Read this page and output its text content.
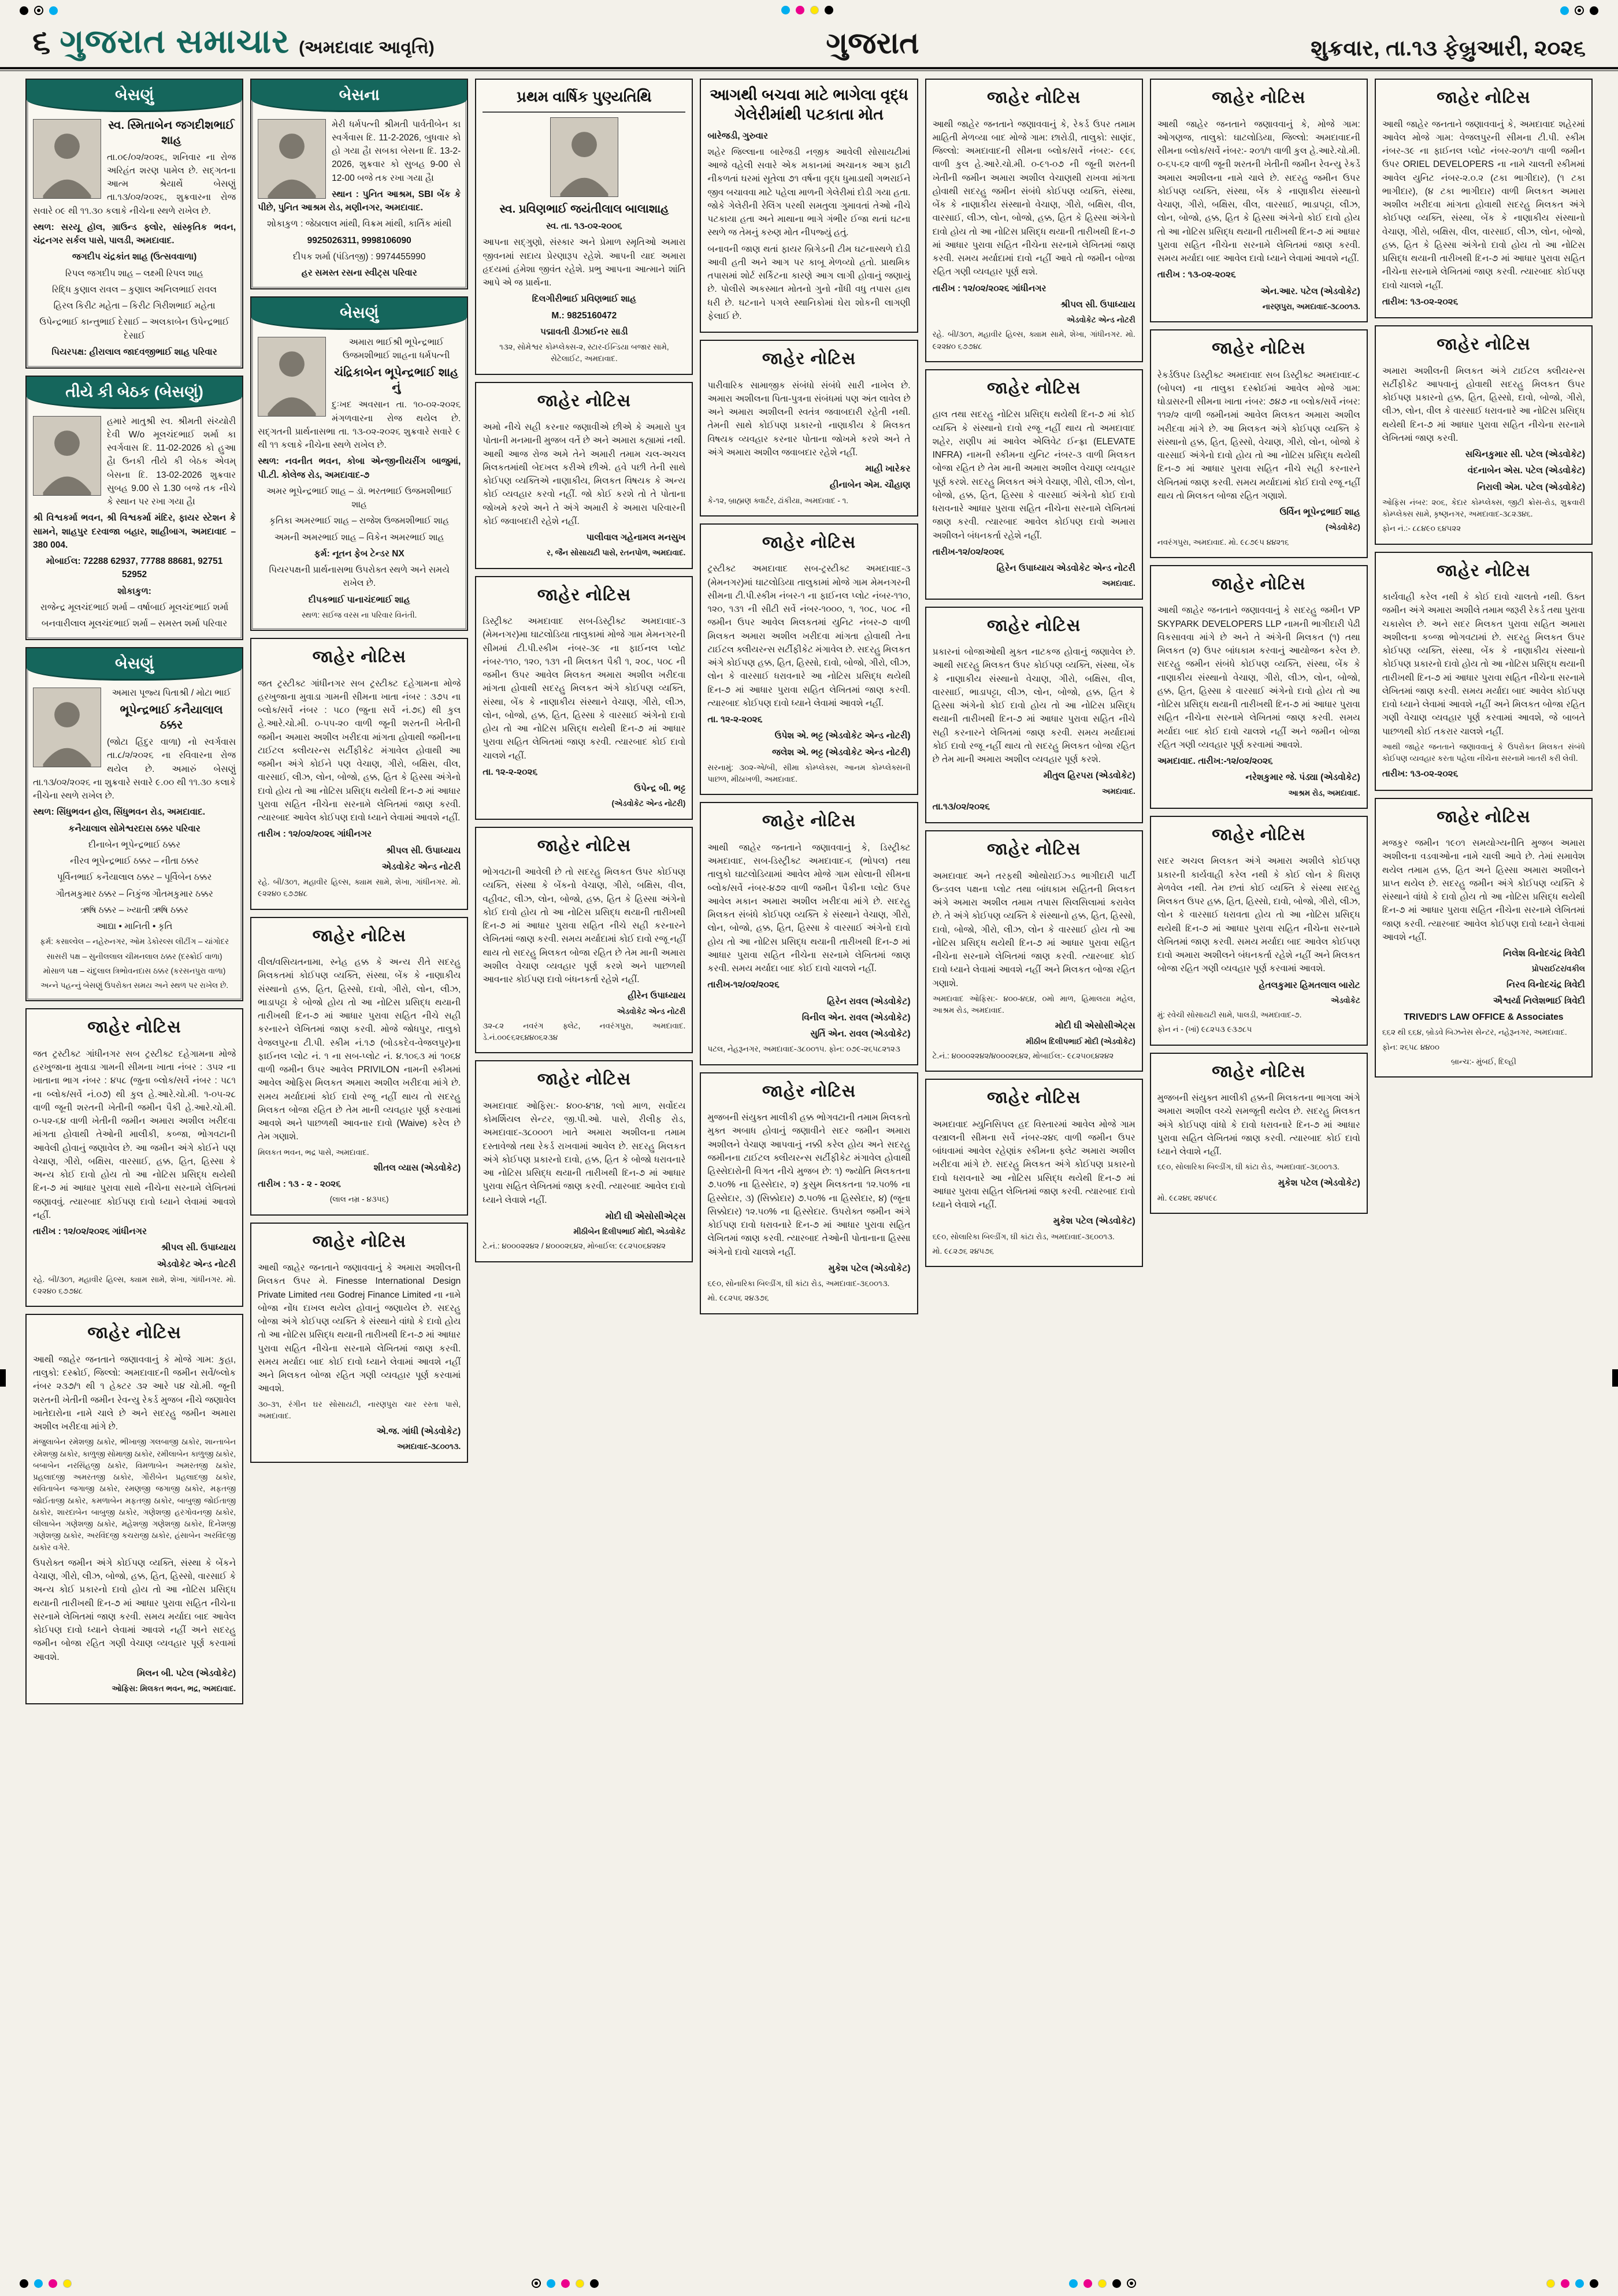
૬ ગુજરાત સમાચાર (અમદાવાદ આવૃત્તિ)	ગુજરાત	શુક્રવાર, તા.૧૩ ફેબ્રુઆરી, ૨૦૨૬
બેસણું

સ્વ. સ્મિતાબેન જગદીશભાઈ શાહ

તા.૦૯/૦૨/૨૦૨૬, શનિવાર ના રોજ અરિહંત શરણ પામેલ છે. સદ્‌ગતના આત્મ શ્રેયાર્થે બેસણું તા.૧૩/૦૨/૨૦૨૬, શુક્રવારના રોજ સવારે ૦૯ થી ૧૧.૩૦ કલાકે નીચેના સ્થળે રાખેલ છે.

સ્થળ: સરયૂ હૉલ, ગ્રાઉન્ડ ફ્લોર, સાંસ્કૃતિક ભવન, ચંદ્રનગર સર્કલ પાસે, પાલડી, અમદાવાદ.

જગદીપ ચંદ્રકાંત શાહ (ઉત્સવવાળા)

રિપલ જગદીપ શાહ – લક્ષ્મી રિપલ શાહ

રિદ્ધિ કુણાલ રાવલ – કુણાલ અનિલભાઈ રાવલ

હિરલ કિરીટ મહેતા – કિરીટ ગિરીશભાઈ મહેતા

ઉપેન્દ્રભાઈ કાન્તુભાઈ દેસાઈ – અલકાબેન ઉપેન્દ્રભાઈ દેસાઈ

પિયરપક્ષ: હીરાલાલ જાદવજીભાઈ શાહ પરિવાર

તીયે કી બેઠક (બેસણું)

હમારે માતુશ્રી સ્વ. શ્રીમતી સંચ્યોરી દેવી W/o મૂલચંદભાઈ શર્મા કા સ્વર્ગવાસ દિ. 11-02-2026 કો હુઆ હૈ। ઉનકી તીયે કી બેઠક એવમ્ બેસના દિ. 13-02-2026 શુક્રવાર સુબહ 9.00 સે 1.30 બજે તક નીચે કે સ્થાન પર રખા ગયા હૈ।

શ્રી વિશ્વકર્મા ભવન, શ્રી વિશ્વકર્મા મંદિર, ફાયર સ્ટેશન કે સામને, શાહપુર દરવાજા બહાર, શાહીબાગ, અમદાવાદ – 380 004.

મોબાઈલ: 72288 62937, 77788 88681, 92751 52952

શોકાકુળ:

રાજેન્દ્ર મૂલચંદભાઈ શર્મા – વર્ષાબાઈ મૂલચંદભાઈ શર્મા

બનવારીલાલ મૂલચંદભાઈ શર્મા – સમસ્ત શર્મા પરિવાર

બેસણું

અમારા પૂજ્ય પિતાશ્રી / મોટા ભાઈ

ભૂપેન્દ્રભાઈ કનૈયાલાલ ઠક્કર

(જોટા હિંદુર વાળા) નો સ્વર્ગવાસ તા.૮/૨/૨૦૨૬ ના રવિવારના રોજ થયેલ છે. અમારું બેસણું તા.૧૩/૦૨/૨૦૨૬ ના શુક્રવારે સવારે ૯.૦૦ થી ૧૧.૩૦ કલાકે નીચેના સ્થળે રાખેલ છે.

સ્થળ: સિંધુભવન હોલ, સિંધુભવન રોડ, અમદાવાદ.

કનૈયાલાલ સોમેશ્વરદાસ ઠક્કર પરિવાર

દીનાબેન ભૂપેન્દ્રભાઈ ઠક્કર

નીરવ ભૂપેન્દ્રભાઈ ઠક્કર – નીતા ઠક્કર

પૂર્વિનભાઈ કનૈયાલાલ ઠક્કર – પૂર્વિબેન ઠક્કર

ગૌતમકુમાર ઠક્કર – નિકુંજ ગૌતમકુમાર ઠક્કર

ઋષિ ઠક્કર – ખ્યાતી ઋષિ ઠક્કર

આદ્યા • માનિતી • કૃતિ

ફર્મ: કસાલ્વેલ – નહેરુનગર, ઓમ ડેકોરલ્સ લીટીંગ – ચાંગોદર

સાસરી પક્ષ – સુનીલલાલ ચીમનલાલ ઠક્કર (દસ્ક્રોઈ વાળા)

મોસાળ પક્ષ – ચંદુલાલ ત્રિભોવનદાસ ઠક્કર (કરસનપુરા વાળા)

અન્ને પહન્નું બેસણું ઉપરોક્ત સમય અને સ્થળ પર રાખેલ છે.

જાહેર નોટિસ

જત ટ્રસ્ટીક્ટ ગાંધીનગર સબ ટ્રસ્ટીક્ટ દહેગામના મોજે હરખુજાના મુવાડા ગામની સીમના ખાતા નંબર : ૩૫૨ ના ખાતાના ભાગ નંબર : ૪૫૮ (જુના બ્લોક/સર્વે નંબર : ૫૮૧ ના બ્લોક/સર્વે નં.૦૭) થી કુલ હે.આરે.ચો.મી. ૧-૦૫-૨૮ વાળી જૂની શરતની ખેતીની જમીન પૈકી હે.આરે.ચો.મી. ૦-૫૨-૬૪ વાળી ખેતીની જમીન અમારા અશીલ ખરીદવા માંગતા હોવાથી તેઓની માલીકી, કબ્જા, ભોગવટાની આવેલી હોવાનું જણાવેલ છે. આ જમીન અંગે કોઈને પણ વેચાણ, ગીરો, બક્ષિસ, વારસાઈ, હક્ક, હિત, હિસ્સા કે અન્ય કોઈ દાવો હોય તો આ નોટિસ પ્રસિદ્ધ થયેથી દિન-૭ માં આધાર પુરાવા સાથે નીચેના સરનામે લેખિતમાં જણાવવું. ત્યારબાદ કોઈપણ દાવો ધ્યાને લેવામાં આવશે નહીં.

તારીખ : ૧૨/૦૨/૨૦૨૬ ગાંધીનગર

શ્રીપલ સી. ઉપાધ્યાય

એડવોકેટ એન્ડ નોટરી

રહે. બી/૩૦૧, મહાવીર હિલ્સ, ક્યામ સામે, શેખા, ગાંધીનગર. મો. ૯૨૨૪૦ ૬૭૭૪૮

જાહેર નોટિસ

આથી જાહેર જનતાને જણાવવાનું કે મોજે ગામ: કુહા, તાલુકો: દસ્ક્રોઈ, જિલ્લો: અમદાવાદની જમીન સર્વે/બ્લોક નંબર ૨૩૭/૧ થી ૧ હેક્ટર ૩૨ આરે ૫૪ ચો.મી. જૂની શરતની ખેતીની જમીન રેવન્યુ રેકર્ડ મુજબ નીચે જણાવેલ ખાતેદારોના નામે ચાલે છે અને સદરહુ જમીન અમારા અશીલ ખરીદવા માંગે છે.

મંજુલાબેન રમેશજી ઠાકોર, ભીખાજી ગલબાજી ઠાકોર, શાન્તાબેન રમેશજી ઠાકોર, કાળુજી સોમાજી ઠાકોર, રમીલાબેન કાળુજી ઠાકોર, બબાબેન નરસિંહજી ઠાકોર, વિમળાબેન અમરતજી ઠાકોર, પ્રહલાદજી અમરતજી ઠાકોર, ગૌરીબેન પ્રહલાદજી ઠાકોર, સવિતાબેન જગાજી ઠાકોર, રમણજી જગાજી ઠાકોર, મફતજી જોઈતાજી ઠાકોર, કમળાબેન મફતજી ઠાકોર, બાબુજી જોઈતાજી ઠાકોર, શારદાબેન બાબુજી ઠાકોર, ગણેશજી હરગોવનજી ઠાકોર, લીલાબેન ગણેશજી ઠાકોર, મહેશજી ગણેશજી ઠાકોર, દિનેશજી ગણેશજી ઠાકોર, અરવિંદજી કચરાજી ઠાકોર, હંસાબેન અરવિંદજી ઠાકોર વગેરે.

ઉપરોક્ત જમીન અંગે કોઈપણ વ્યક્તિ, સંસ્થા કે બેંકને વેચાણ, ગીરો, લીઝ, બોજો, હક્ક, હિત, હિસ્સો, વારસાઈ કે અન્ય કોઈ પ્રકારનો દાવો હોય તો આ નોટિસ પ્રસિદ્ધ થયાની તારીખથી દિન-૭ માં આધાર પુરાવા સહિત નીચેના સરનામે લેખિતમાં જાણ કરવી. સમય મર્યાદા બાદ આવેલ કોઈપણ દાવો ધ્યાને લેવામાં આવશે નહીં અને સદરહુ જમીન બોજા રહિત ગણી વેચાણ વ્યવહાર પૂર્ણ કરવામાં આવશે.

મિલન બી. પટેલ (એડવોકેટ)

ઓફિસ: મિલકત ભવન, ભદ્ર, અમદાવાદ.

બેસના

મેરી ધર્મપત્ની શ્રીમતી પાર્વતીબેન કા સ્વર્ગવાસ દિ. 11-2-2026, બુધવાર કો હો ગયા હૈ। સબકા બેસના દિ. 13-2-2026, શુક્રવાર કો સુબહ 9-00 સે 12-00 બજે તક રખા ગયા હૈ।

સ્થાન : પુનિત આશ્રમ, SBI બેંક કે પીછે, પુનિત આશ્રમ રોડ, મણીનગર, અમદાવાદ.

શોકાકુળ : જેઠાલાલ માંથી, વિક્રમ માંથી, કાર્તિક માંથી

9925026311, 9998106090

દીપક શર્મા (પંડિતજી) : 9974455990

હર સમસ્ત રસના સ્વીટ્સ પરિવાર

બેસણું

અમારા ભાઈશ્રી ભૂપેન્દ્રભાઈ ઉજમશીભાઈ શાહના ધર્મપત્ની

ચંદ્રિકાબેન ભૂપેન્દ્રભાઈ શાહ નું

દુઃખદ અવસાન તા. ૧૦-૦૨-૨૦૨૬ મંગળવારના રોજ થયેલ છે. સદ્‌ગતની પ્રાર્થનાસભા તા. ૧૩-૦૨-૨૦૨૬ શુક્રવારે સવારે ૯ થી ૧૧ કલાકે નીચેના સ્થળે રાખેલ છે.

સ્થળ: નવનીત ભવન, કોબા એન્જીનીયરીંગ બાજુમાં, પી.ટી. કોલેજ રોડ, અમદાવાદ-૭

અમર ભૂપેન્દ્રભાઈ શાહ – ડૉ. ભરતભાઈ ઉજમશીભાઈ શાહ

કૃતિકા અમરભાઈ શાહ – રાજેશ ઉજમશીભાઈ શાહ

અમની અમરભાઈ શાહ – વિકેન અમરભાઈ શાહ

ફર્મ: નૂતન ફેબ ટેન્ડર NX

પિયરપક્ષની પ્રાર્થનાસભા ઉપરોક્ત સ્થળે અને સમયે રાખેલ છે.

દીપકભાઈ પાનાચંદભાઈ શાહ

સ્થળ: સઈજ વરસ ના પરિવાર વિનંતી.

જાહેર નોટિસ

જત ટ્રસ્ટીક્ટ ગાંધીનગર સબ ટ્રસ્ટીક્ટ દહેગામના મોજે હરખુજાના મુવાડા ગામની સીમના ખાતા નંબર : ૩૭૫ ના બ્લોક/સર્વે નંબર : ૫૮૦ (જુના સર્વે નં.૭૬) થી કુલ હે.આરે.ચો.મી. ૦-૫૫-૨૦ વાળી જૂની શરતની ખેતીની જમીન અમારા અશીલ ખરીદવા માંગતા હોવાથી જમીનના ટાઈટલ ક્લીયરન્સ સર્ટીફીકેટ મંગાવેલ હોવાથી આ જમીન અંગે કોઈને પણ વેચાણ, ગીરો, બક્ષિસ, વીલ, વારસાઈ, લીઝ, લોન, બોજો, હક્ક, હિત કે હિસ્સા અંગેનો દાવો હોય તો આ નોટિસ પ્રસિદ્ધ થયેથી દિન-૭ માં આધાર પુરાવા સહિત નીચેના સરનામે લેખિતમાં જાણ કરવી. ત્યારબાદ આવેલ કોઈપણ દાવો ધ્યાને લેવામાં આવશે નહીં.

તારીખ : ૧૨/૦૨/૨૦૨૬ ગાંધીનગર

શ્રીપલ સી. ઉપાધ્યાય

એડવોકેટ એન્ડ નોટરી

રહે. બી/૩૦૧, મહાવીર હિલ્સ, ક્યામ સામે, શેખા, ગાંધીનગર. મો. ૯૨૨૪૦ ૬૭૭૪૮

જાહેર નોટિસ

વીલ/વસિયતનામા, સ્નેહ હક્ક કે અન્ય રીતે સદરહુ મિલકતમાં કોઈપણ વ્યક્તિ, સંસ્થા, બેંક કે નાણાકીય સંસ્થાનો હક્ક, હિત, હિસ્સો, દાવો, ગીરો, લોન, લીઝ, ભાડાપટ્ટા કે બોજો હોય તો આ નોટિસ પ્રસિદ્ધ થયાની તારીખથી દિન-૭ માં આધાર પુરાવા સહિત નીચે સહી કરનારને લેખિતમાં જાણ કરવી. મોજે જોધપુર, તાલુકો વેજલપુરના ટી.પી. સ્કીમ નં.૧૭ (બોડકદેવ-વેજલપુર)ના ફાઈનલ પ્લોટ નં. ૧ ના સબ-પ્લોટ નં. ૪.૧૦૬૩ માં ૧૦૬૪ વાળી જમીન ઉપર આવેલ PRIVILON નામની સ્કીમમાં આવેલ ઓફિસ મિલકત અમારા અશીલ ખરીદવા માંગે છે. સમય મર્યાદામાં કોઈ દાવો રજૂ નહીં થાય તો સદરહુ મિલકત બોજા રહિત છે તેમ માની વ્યવહાર પૂર્ણ કરવામાં આવશે અને પાછળથી આવનાર દાવો (Waive) કરેલ છે તેમ ગણાશે.

મિલકત ભવન, ભદ્ર પાસે, અમદાવાદ.

શીતલ વ્યાસ (એડવોકેટ)

તારીખ : ૧૩ - ૨ - ૨૦૨૬

(લાલ નમ્ર - ૪૩૫૬)

જાહેર નોટિસ

આથી જાહેર જનતાને જણાવવાનું કે અમારા અશીલની મિલકત ઉપર મે. Finesse International Design Private Limited તથા Godrej Finance Limited ના નામે બોજા નોંધ દાખલ થયેલ હોવાનું જણાયેલ છે. સદરહુ બોજા અંગે કોઈપણ વ્યક્તિ કે સંસ્થાને વાંધો કે દાવો હોય તો આ નોટિસ પ્રસિદ્ધ થયાની તારીખથી દિન-૭ માં આધાર પુરાવા સહિત નીચેના સરનામે લેખિતમાં જાણ કરવી. સમય મર્યાદા બાદ કોઈ દાવો ધ્યાને લેવામાં આવશે નહીં અને મિલકત બોજા રહિત ગણી વ્યવહાર પૂર્ણ કરવામાં આવશે.

૩૦-૩૧, રંગીન ઘર સોસાયટી, નારણપુરા ચાર રસ્તા પાસે, અમદાવાદ.

એ.જ. ગાંધી (એડવોકેટ)

અમદાવાદ-૩૮૦૦૧૩.

પ્રથમ વાર્ષિક પુણ્યતિથિ

સ્વ. પ્રવિણભાઈ જયંતીલાલ બાલાશાહ

સ્વ. તા. ૧૩-૦૨-૨૦૦૬

આપના સદ્‌ગુણો, સંસ્કાર અને પ્રેમાળ સ્મૃતિઓ અમારા જીવનમાં સદાય પ્રેરણારૂપ રહેશે. આપની યાદ અમારા હૃદયમાં હંમેશા જીવંત રહેશે. પ્રભુ આપના આત્માને શાંતિ આપે એ જ પ્રાર્થના.

દિલગીરીભાઈ પ્રવિણભાઈ શાહ

M.: 9825160472

પદ્માવતી ડીઝાઈનર સાડી

૧૩૨, સોમેશ્વર કોમ્પ્લેક્સ-૨, સ્ટાર-ઈન્ડિયા બજાર સામે, સેટેલાઈટ, અમદાવાદ.

જાહેર નોટિસ

અમો નીચે સહી કરનાર જણાવીએ છીએ કે અમારો પુત્ર પોતાની મનમાની મુજબ વર્તે છે અને અમારા કહ્યામાં નથી. આથી આજ રોજ અમે તેને અમારી તમામ ચલ-અચલ મિલકતમાંથી બેદખલ કરીએ છીએ. હવે પછી તેની સાથે કોઈપણ વ્યક્તિએ નાણાકીય, મિલકત વિષયક કે અન્ય કોઈ વ્યવહાર કરવો નહીં. જો કોઈ કરશે તો તે પોતાના જોખમે કરશે અને તે અંગે અમારી કે અમારા પરિવારની કોઈ જવાબદારી રહેશે નહીં.

પાલીવાલ ગહેનામલ મનસુખ

ર, જૈન સોસાયટી પાસે, રતનપોળ, અમદાવાદ.

જાહેર નોટિસ

ડિસ્ટ્રીક્ટ અમદાવાદ સબ-ડિસ્ટ્રીક્ટ અમદાવાદ-૩ (મેમનગર)મા ઘાટલોડિયા તાલુકામાં મોજે ગામ મેમનગરની સીમમાં ટી.પી.સ્કીમ નંબર-૩૯ ના ફાઈનલ પ્લોટ નંબર-૧૧૦, ૧૨૦, ૧૩૧ ની મિલકત પૈકી ૧, ૨૦૮, ૫૦૮ ની જમીન ઉપર આવેલ મિલકત અમારા અશીલ ખરીદવા માંગતા હોવાથી સદરહુ મિલકત અંગે કોઈપણ વ્યક્તિ, સંસ્થા, બેંક કે નાણાકીય સંસ્થાને વેચાણ, ગીરો, લીઝ, લોન, બોજો, હક્ક, હિત, હિસ્સા કે વારસાઈ અંગેનો દાવો હોય તો આ નોટિસ પ્રસિદ્ધ થયેથી દિન-૭ માં આધાર પુરાવા સહિત લેખિતમાં જાણ કરવી. ત્યારબાદ કોઈ દાવો ચાલશે નહીં.

તા. ૧૨-૨-૨૦૨૬

ઉપેન્દ્ર બી. ભટ્ટ

(એડવોકેટ એન્ડ નોટરી)

જાહેર નોટિસ

ભોગવટાની આવેલી છે તો સદરહુ મિલકત ઉપર કોઈપણ વ્યક્તિ, સંસ્થા કે બેંકનો વેચાણ, ગીરો, બક્ષિસ, વીલ, વહીવટ, લીઝ, લોન, બોજો, હક્ક, હિત કે હિસ્સા અંગેનો કોઈ દાવો હોય તો આ નોટિસ પ્રસિદ્ધ થયાની તારીખથી દિન-૭ માં આધાર પુરાવા સહિત નીચે સહી કરનારને લેખિતમાં જાણ કરવી. સમય મર્યાદામાં કોઈ દાવો રજૂ નહીં થાય તો સદરહુ મિલકત બોજા રહિત છે તેમ માની અમારા અશીલ વેચાણ વ્યવહાર પૂર્ણ કરશે અને પાછળથી આવનાર કોઈપણ દાવો બંધનકર્તા રહેશે નહીં.

હીરેન ઉપાધ્યાય

એડવોકેટ એન્ડ નોટરી

૩૨-૮૨ નવરંગ ફ્લેટ, નવરંગપુરા, અમદાવાદ. ડે.નં.૦૦૯૬૨૬૪૪૦૬૨૩૪

જાહેર નોટિસ

અમદાવાદ ઓફિસ:- ૪૦૦-૪૧૪, ૧લો માળ, સર્વોદય કોમર્શિયલ સેન્ટર, જી.પી.ઓ. પાસે, રીલીફ રોડ, અમદાવાદ-૩૮૦૦૦૧ ખાતે અમારા અશીલના તમામ દસ્તાવેજો તથા રેકર્ડ રાખવામાં આવેલ છે. સદરહુ મિલકત અંગે કોઈપણ પ્રકારનો દાવો, હક્ક, હિત કે બોજો ધરાવનારે આ નોટિસ પ્રસિદ્ધ થયાની તારીખથી દિન-૭ માં આધાર પુરાવા સહિત લેખિતમાં જાણ કરવી. ત્યારબાદ આવેલ દાવો ધ્યાને લેવાશે નહીં.

મોદી ઘી એસોસીએટ્સ

મીઠીબેન દિલીપભાઈ મોદી, એડવોકેટ

ટે.નં.: ૪૦૦૦૨૨૪૨ / ૪૦૦૦૨૬૪૨, મોબાઈલ: ૯૮૨૫૦૬૪૨૪૨

આગથી બચવા માટે ભાગેલા વૃદ્ધ ગેલેરીમાંથી પટકાતા મોત

બારેજડી, ગુરુવાર

શહેર જિલ્લાના બારેજડી નજીક આવેલી સોસાયટીમાં આજે વહેલી સવારે એક મકાનમાં અચાનક આગ ફાટી નીકળતાં ઘરમાં સૂતેલા ૭૧ વર્ષના વૃદ્ધ ધુમાડાથી ગભરાઈને જીવ બચાવવા માટે પહેલા માળની ગેલેરીમાં દોડી ગયા હતા. જોકે ગેલેરીની રેલિંગ પરથી સમતુલા ગુમાવતાં તેઓ નીચે પટકાયા હતા અને માથાના ભાગે ગંભીર ઈજા થતાં ઘટના સ્થળે જ તેમનું કરુણ મોત નીપજ્યું હતું.

બનાવની જાણ થતાં ફાયર બ્રિગેડની ટીમ ઘટનાસ્થળે દોડી આવી હતી અને આગ પર કાબૂ મેળવ્યો હતો. પ્રાથમિક તપાસમાં શોર્ટ સર્કિટના કારણે આગ લાગી હોવાનું જણાયું છે. પોલીસે અકસ્માત મોતનો ગુનો નોંધી વધુ તપાસ હાથ ધરી છે. ઘટનાને પગલે સ્થાનિકોમાં ઘેરા શોકની લાગણી ફેલાઈ છે.

જાહેર નોટિસ

પારીવારિક સામાજીક સંબંધો સંબંધે સારી નાખેલ છે. અમારા અશીલના પિતા-પુત્રના સંબંધમાં પણ અંત લાવેલ છે અને અમારા અશીલની સ્વતંત્ર જવાબદારી રહેતી નથી. તેમની સાથે કોઈપણ પ્રકારનો નાણાકીય કે મિલકત વિષયક વ્યવહાર કરનાર પોતાના જોખમે કરશે અને તે અંગે અમારા અશીલ જવાબદાર રહેશે નહીં.

માહી ખારેકર

હીનાબેન એમ. ચૌહાણ

કે-૧૨, બ્રાહ્મણ ક્વાર્ટર, ઢાંકીયા, અમદાવાદ - ૧.

જાહેર નોટિસ

ટ્રસ્ટીક્ટ અમદાવાદ સબ-ટ્રસ્ટીક્ટ અમદાવાદ-૩ (મેમનગર)માં ઘાટલોડિયા તાલુકામાં મોજે ગામ મેમનગરની સીમના ટી.પી.સ્કીમ નંબર-૧ ના ફાઈનલ પ્લોટ નંબર-૧૧૦, ૧૨૦, ૧૩૧ ની સીટી સર્વે નંબર-૧૦૦૦, ૧, ૧૦૮, ૫૦૮ ની જમીન ઉપર આવેલ મિલકતમાં યુનિટ નંબર-૭ વાળી મિલકત અમારા અશીલ ખરીદવા માંગતા હોવાથી તેના ટાઈટલ ક્લીયરન્સ સર્ટીફીકેટ મંગાવેલ છે. સદરહુ મિલકત અંગે કોઈપણ હક્ક, હિત, હિસ્સો, દાવો, બોજો, ગીરો, લીઝ, લોન કે વારસાઈ ધરાવનારે આ નોટિસ પ્રસિદ્ધ થયેથી દિન-૭ માં આધાર પુરાવા સહિત લેખિતમાં જાણ કરવી. ત્યારબાદ કોઈપણ દાવો ધ્યાને લેવામાં આવશે નહીં.

તા. ૧૨-૨-૨૦૨૬

ઉપેશ એ. ભટ્ટ (એડવોકેટ એન્ડ નોટરી)

જલેશ એ. ભટ્ટ (એડવોકેટ એન્ડ નોટરી)

સરનામું: ૩૦૨-એ/બી, સીમા કોમ્પ્લેક્સ, આનમ કોમ્પ્લેક્સની પાછળ, મીઠાખળી, અમદાવાદ.

જાહેર નોટિસ

આથી જાહેર જનતાને જણાવવાનું કે, ડિસ્ટ્રીક્ટ અમદાવાદ, સબ-ડિસ્ટ્રીક્ટ અમદાવાદ-૬ (ભોપલ) તથા તાલુકો ઘાટલોડિયામાં આવેલ મોજે ગામ સોલાની સીમના બ્લોક/સર્વે નંબર-૪૭૨ વાળી જમીન પૈકીના પ્લોટ ઉપર આવેલ મકાન અમારા અશીલ ખરીદવા માંગે છે. સદરહુ મિલકત સંબંધે કોઈપણ વ્યક્તિ કે સંસ્થાને વેચાણ, ગીરો, લોન, બોજો, હક્ક, હિત, હિસ્સા કે વારસાઈ અંગેનો દાવો હોય તો આ નોટિસ પ્રસિદ્ધ થયાની તારીખથી દિન-૭ માં આધાર પુરાવા સહિત નીચેના સરનામે લેખિતમાં જાણ કરવી. સમય મર્યાદા બાદ કોઈ દાવો ચાલશે નહીં.

તારીખ-૧૨/૦૨/૨૦૨૬

હિરેન રાવલ (એડવોકેટ)

વિનીલ એન. રાવલ (એડવોકેટ)

સુર્તિ એન. રાવલ (એડવોકેટ)

પટલ, નેહરૂનગર, અમદાવાદ-૩૮૦૦૧૫. ફોન: ૦૭૯-૨૬૫૮૨૧૨૩

જાહેર નોટિસ

મુજબની સંયુક્ત માલીકી હક્ક ભોગવટાની તમામ મિલકતો મુક્ત અબાધ હોવાનું જણાવીને સદર જમીન અમારા અશીલને વેચાણ આપવાનું નક્કી કરેલ હોય અને સદરહુ જમીનના ટાઈટલ ક્લીયરન્સ સર્ટીફીકેટ મંગાવેલ હોવાથી હિસ્સેદારોની વિગત નીચે મુજબ છે: ૧) જ્યોતિ મિલકતના ૭.૫૦% ના હિસ્સેદાર, ૨) કુસુમ મિલકતના ૧૨.૫૦% ના હિસ્સેદાર, ૩) (સિક્કોદાર) ૭.૫૦% ના હિસ્સેદાર, ૪) (જૂના સિક્કોદાર) ૧૨.૫૦% ના હિસ્સેદાર. ઉપરોક્ત જમીન અંગે કોઈપણ દાવો ધરાવનારે દિન-૭ માં આધાર પુરાવા સહિત લેખિતમાં જાણ કરવી. ત્યારબાદ તેઓની પોતાનાના હિસ્સા અંગેનો દાવો ચાલશે નહીં.

મુકેશ પટેલ (એડવોકેટ)

૬૯૦, સોનારિકા બિલ્ડીંગ, ઘી કાંટા રોડ, અમદાવાદ-૩૬૦૦૧૩.

મો. ૯૮૨૫૬ ૨૪૩૭૬

જાહેર નોટિસ

આથી જાહેર જનતાને જણાવવાનું કે, રેકર્ડ ઉપર તમામ માહિતી મેળવ્યા બાદ મોજે ગામ: છારોડી, તાલુકો: સાણંદ, જિલ્લો: અમદાવાદની સીમના બ્લોક/સર્વે નંબર:- ૯૯૬ વાળી કુલ હે.આરે.ચો.મી. ૦-૯૧-૦૭ ની જૂની શરતની ખેતીની જમીન અમારા અશીલ વેચાણથી રાખવા માંગતા હોવાથી સદરહુ જમીન સંબંધે કોઈપણ વ્યક્તિ, સંસ્થા, બેંક કે નાણાકીય સંસ્થાનો વેચાણ, ગીરો, બક્ષિસ, વીલ, વારસાઈ, લીઝ, લોન, બોજો, હક્ક, હિત કે હિસ્સા અંગેનો દાવો હોય તો આ નોટિસ પ્રસિદ્ધ થયાની તારીખથી દિન-૭ માં આધાર પુરાવા સહિત નીચેના સરનામે લેખિતમાં જાણ કરવી. સમય મર્યાદામાં દાવો નહીં આવે તો જમીન બોજા રહિત ગણી વ્યવહાર પૂર્ણ થશે.

તારીખ : ૧૨/૦૨/૨૦૨૬ ગાંધીનગર

શ્રીપલ સી. ઉપાધ્યાય

એડવોકેટ એન્ડ નોટરી

રહે. બી/૩૦૧, મહાવીર હિલ્સ, ક્યામ સામે, શેખા, ગાંધીનગર. મો. ૯૨૨૪૦ ૬૭૭૪૮

જાહેર નોટિસ

હાલ તથા સદરહુ નોટિસ પ્રસિદ્ધ થયેથી દિન-૭ માં કોઈ વ્યક્તિ કે સંસ્થાનો દાવો રજૂ નહીં થાય તો અમદાવાદ શહેર, રાણીપ માં આવેલ એલિવેટ ઈન્ફ્રા (ELEVATE INFRA) નામની સ્કીમના યુનિટ નંબર-૩ વાળી મિલકત બોજા રહિત છે તેમ માની અમારા અશીલ વેચાણ વ્યવહાર પૂર્ણ કરશે. સદરહુ મિલકત અંગે વેચાણ, ગીરો, લીઝ, લોન, બોજો, હક્ક, હિત, હિસ્સા કે વારસાઈ અંગેનો કોઈ દાવો ધરાવનારે આધાર પુરાવા સહિત નીચેના સરનામે લેખિતમાં જાણ કરવી. ત્યારબાદ આવેલ કોઈપણ દાવો અમારા અશીલને બંધનકર્તા રહેશે નહીં.

તારીખ-૧૨/૦૨/૨૦૨૬

હિરેન ઉપાધ્યાય એડવોકેટ એન્ડ નોટરી

અમદાવાદ.

જાહેર નોટિસ

પ્રકારનાં બોજાઓથી મુક્ત નાટકજ હોવાનું જણાવેલ છે. આથી સદરહુ મિલકત ઉપર કોઈપણ વ્યક્તિ, સંસ્થા, બેંક કે નાણાકીય સંસ્થાનો વેચાણ, ગીરો, બક્ષિસ, વીલ, વારસાઈ, ભાડાપટ્ટા, લીઝ, લોન, બોજો, હક્ક, હિત કે હિસ્સા અંગેનો કોઈ દાવો હોય તો આ નોટિસ પ્રસિદ્ધ થયાની તારીખથી દિન-૭ માં આધાર પુરાવા સહિત નીચે સહી કરનારને લેખિતમાં જાણ કરવી. સમય મર્યાદામાં કોઈ દાવો રજૂ નહીં થાય તો સદરહુ મિલકત બોજા રહિત છે તેમ માની અમારા અશીલ વ્યવહાર પૂર્ણ કરશે.

મીતુલ હિરપરા (એડવોકેટ)

અમદાવાદ.

તા.૧૩/૦૨/૨૦૨૬

જાહેર નોટિસ

અમદાવાદ અને તરફથી ઓથોરાઈઝ્ડ ભાગીદારી પાર્ટી ઉન્ડવલ પક્ષના પ્લોટ તથા બાંધકામ સહિતની મિલકત અંગે અમારા અશીલ તમામ તપાસ સિલસિલામાં કરાવેલ છે. તે અંગે કોઈપણ વ્યક્તિ કે સંસ્થાનો હક્ક, હિત, હિસ્સો, દાવો, બોજો, ગીરો, લીઝ, લોન કે વારસાઈ હોય તો આ નોટિસ પ્રસિદ્ધ થયેથી દિન-૭ માં આધાર પુરાવા સહિત નીચેના સરનામે લેખિતમાં જાણ કરવી. ત્યારબાદ કોઈ દાવો ધ્યાને લેવામાં આવશે નહીં અને મિલકત બોજા રહિત ગણાશે.

અમદાવાદ ઓફિસ:- ૪૦૦-૪૬૪, ૦મો માળ, હિમાલયા મહેલ, આશ્રમ રોડ, અમદાવાદ.

મોદી ઘી એસોસીએટ્સ

મીઠીબ દિલીપભાઈ મોદી (એડવોકેટ)

ટે.નં.: ૪૦૦૦૨૨૪૨/૪૦૦૦૨૬૪૨, મોબાઈલ:- ૯૮૨૫૦૬૪૨૪૨

જાહેર નોટિસ

અમદાવાદ મ્યુનિસિપલ હદ વિસ્તારમાં આવેલ મોજે ગામ વસ્ત્રાલની સીમના સર્વે નંબર-૨૪૬ વાળી જમીન ઉપર બાંધવામાં આવેલ રહેણાંક સ્કીમના ફ્લેટ અમારા અશીલ ખરીદવા માંગે છે. સદરહુ મિલકત અંગે કોઈપણ પ્રકારનો દાવો ધરાવનારે આ નોટિસ પ્રસિદ્ધ થયેથી દિન-૭ માં આધાર પુરાવા સહિત લેખિતમાં જાણ કરવી. ત્યારબાદ દાવો ધ્યાને લેવાશે નહીં.

મુકેશ પટેલ (એડવોકેટ)

૬૯૦, સોલારિકા બિલ્ડીંગ, ઘી કાંટા રોડ, અમદાવાદ-૩૬૦૦૧૩.

મો. ૯૮૨૭૬ ૨૪૫૭૬

જાહેર નોટિસ

આથી જાહેર જનતાને જણાવવાનું કે, મોજે ગામ: ઓગણજ, તાલુકો: ઘાટલોડિયા, જિલ્લો: અમદાવાદની સીમના બ્લોક/સર્વે નંબર:- ૨૦૧/૧ વાળી કુલ હે.આરે.ચો.મી. ૦-૬૫-૬૨ વાળી જૂની શરતની ખેતીની જમીન રેવન્યુ રેકર્ડે અમારા અશીલના નામે ચાલે છે. સદરહુ જમીન ઉપર કોઈપણ વ્યક્તિ, સંસ્થા, બેંક કે નાણાકીય સંસ્થાનો વેચાણ, ગીરો, બક્ષિસ, વીલ, વારસાઈ, ભાડાપટ્ટા, લીઝ, લોન, બોજો, હક્ક, હિત કે હિસ્સા અંગેનો કોઈ દાવો હોય તો આ નોટિસ પ્રસિદ્ધ થયાની તારીખથી દિન-૭ માં આધાર પુરાવા સહિત નીચેના સરનામે લેખિતમાં જાણ કરવી. સમય મર્યાદા બાદ આવેલ દાવો ધ્યાને લેવામાં આવશે નહીં.

તારીખ : ૧૩-૦૨-૨૦૨૬

એન.આર. પટેલ (એડવોકેટ)

નારણપુરા, અમદાવાદ-૩૮૦૦૧૩.

જાહેર નોટિસ

રેકર્ડઉપર ડિસ્ટ્રીક્ટ અમદાવાદ સબ ડિસ્ટ્રીક્ટ અમદાવાદ-૮ (બોપલ) ના તાલુકા દસ્ક્રોઈમાં આવેલ મોજે ગામ: ઘોડાસરની સીમના ખાતા નંબર: ૭૪૭ ના બ્લોક/સર્વે નંબર: ૧૧૨/૨ વાળી જમીનમાં આવેલ મિલકત અમારા અશીલ ખરીદવા માંગે છે. આ મિલકત અંગે કોઈપણ વ્યક્તિ કે સંસ્થાનો હક્ક, હિત, હિસ્સો, વેચાણ, ગીરો, લોન, બોજો કે વારસાઈ અંગેનો દાવો હોય તો આ નોટિસ પ્રસિદ્ધ થયેથી દિન-૭ માં આધાર પુરાવા સહિત નીચે સહી કરનારને લેખિતમાં જાણ કરવી. સમય મર્યાદામાં કોઈ દાવો રજૂ નહીં થાય તો મિલકત બોજા રહિત ગણાશે.

ઉર્વિન ભૂપેન્દ્રભાઈ શાહ

(એડવોકેટ)

નવરંગપુરા, અમદાવાદ. મો. ૯૮૭૯૫ ૪૪૨૧૬

જાહેર નોટિસ

આથી જાહેર જનતાને જણાવવાનું કે સદરહુ જમીન VP SKYPARK DEVELOPERS LLP નામની ભાગીદારી પેઢી વિકસાવવા માંગે છે અને તે અંગેની મિલકત (૧) તથા મિલકત (૨) ઉપર બાંધકામ કરવાનું આયોજન કરેલ છે. સદરહુ જમીન સંબંધે કોઈપણ વ્યક્તિ, સંસ્થા, બેંક કે નાણાકીય સંસ્થાનો વેચાણ, ગીરો, લીઝ, લોન, બોજો, હક્ક, હિત, હિસ્સા કે વારસાઈ અંગેનો દાવો હોય તો આ નોટિસ પ્રસિદ્ધ થયાની તારીખથી દિન-૭ માં આધાર પુરાવા સહિત નીચેના સરનામે લેખિતમાં જાણ કરવી. સમય મર્યાદા બાદ કોઈ દાવો ચાલશે નહીં અને જમીન બોજા રહિત ગણી વ્યવહાર પૂર્ણ કરવામાં આવશે.

અમદાવાદ. તારીખ:-૧૨/૦૨/૨૦૨૬

નરેશકુમાર જે. પંડ્યા (એડવોકેટ)

આશ્રમ રોડ, અમદાવાદ.

જાહેર નોટિસ

સદર અચલ મિલકત અંગે અમારા અશીલે કોઈપણ પ્રકારની કાર્યવાહી કરેલ નથી કે કોઈ લોન કે ધિરાણ મેળવેલ નથી. તેમ છતાં કોઈ વ્યક્તિ કે સંસ્થા સદરહુ મિલકત ઉપર હક્ક, હિત, હિસ્સો, દાવો, બોજો, ગીરો, લીઝ, લોન કે વારસાઈ ધરાવતા હોય તો આ નોટિસ પ્રસિદ્ધ થયેથી દિન-૭ માં આધાર પુરાવા સહિત નીચેના સરનામે લેખિતમાં જાણ કરવી. સમય મર્યાદા બાદ આવેલ કોઈપણ દાવો અમારા અશીલને બંધનકર્તા રહેશે નહીં અને મિલકત બોજા રહિત ગણી વ્યવહાર પૂર્ણ કરવામાં આવશે.

હેતલકુમાર હિમતલાલ બારોટ

એડવોકેટ

મું: રવેચી સોસાયટી સામે, પાલડી, અમદાવાદ-૭.

ફોન નં - (ખાં) ૯૮૨૫૩ ૯૩૭૮૫

જાહેર નોટિસ

મુજબની સંયુક્ત માલીકી હક્કની મિલકતના ભાગલા અંગે અમારા અશીલ વચ્ચે સમજૂતી થયેલ છે. સદરહુ મિલકત અંગે કોઈપણ વાંધો કે દાવો ધરાવનારે દિન-૭ માં આધાર પુરાવા સહિત લેખિતમાં જાણ કરવી. ત્યારબાદ કોઈ દાવો ધ્યાને લેવાશે નહીં.

૬૯૦, સોલારિકા બિલ્ડીંગ, ઘી કાંટા રોડ, અમદાવાદ-૩૬૦૦૧૩.

મુકેશ પટેલ (એડવોકેટ)

મો. ૯૮૨૪૬ ૨૪૫૯૮

જાહેર નોટિસ

આથી જાહેર જનતાને જણાવવાનું કે, અમદાવાદ શહેરમાં આવેલ મોજે ગામ: વેજલપુરની સીમના ટી.પી. સ્કીમ નંબર-૩૯ ના ફાઈનલ પ્લોટ નંબર-૨૦૧/૧ વાળી જમીન ઉપર ORIEL DEVELOPERS ના નામે ચાલતી સ્કીમમાં આવેલ યુનિટ નંબર-૨.૦.૨ (ટકા ભાગીદાર), (૧ ટકા ભાગીદાર), (૪ ટકા ભાગીદાર) વાળી મિલકત અમારા અશીલ ખરીદવા માંગતા હોવાથી સદરહુ મિલકત અંગે કોઈપણ વ્યક્તિ, સંસ્થા, બેંક કે નાણાકીય સંસ્થાનો વેચાણ, ગીરો, બક્ષિસ, વીલ, વારસાઈ, લીઝ, લોન, બોજો, હક્ક, હિત કે હિસ્સા અંગેનો દાવો હોય તો આ નોટિસ પ્રસિદ્ધ થયાની તારીખથી દિન-૭ માં આધાર પુરાવા સહિત નીચેના સરનામે લેખિતમાં જાણ કરવી. ત્યારબાદ કોઈપણ દાવો ચાલશે નહીં.

તારીખ: ૧૩-૦૨-૨૦૨૬

જાહેર નોટિસ

અમારા અશીલની મિલકત અંગે ટાઈટલ ક્લીયરન્સ સર્ટીફીકેટ આપવાનું હોવાથી સદરહુ મિલકત ઉપર કોઈપણ પ્રકારનો હક્ક, હિત, હિસ્સો, દાવો, બોજો, ગીરો, લીઝ, લોન, વીલ કે વારસાઈ ધરાવનારે આ નોટિસ પ્રસિદ્ધ થયેથી દિન-૭ માં આધાર પુરાવા સહિત નીચેના સરનામે લેખિતમાં જાણ કરવી.

સચિનકુમાર સી. પટેલ (એડવોકેટ)

વંદનાબેન એસ. પટેલ (એડવોકેટ)

નિરાલી એમ. પટેલ (એડવોકેટ)

ઓફિસ નંબર: ૨૦૬, કેદાર કોમ્પ્લેક્સ, જીટી ક્રોસ-રોડ, શુક્રવારી કોમ્પ્લેક્સ સામે, કૃષ્ણનગર, અમદાવાદ-૩૮૨૩૪૬.

ફોન નં.:- ૮૮૪૯૦ ૬૪૫૨૨

જાહેર નોટિસ

કાર્યવાહી કરેલ નથી કે કોઈ દાવો ચાલતો નથી. ઉક્ત જમીન અંગે અમારા અશીલે તમામ જરૂરી રેકર્ડ તથા પુરાવા ચકાસેલ છે. અને સદર મિલકત પુરાવા સહિત અમારા અશીલના કબ્જા ભોગવટામાં છે. સદરહુ મિલકત ઉપર કોઈપણ વ્યક્તિ, સંસ્થા, બેંક કે નાણાકીય સંસ્થાનો કોઈપણ પ્રકારનો દાવો હોય તો આ નોટિસ પ્રસિદ્ધ થયાની તારીખથી દિન-૭ માં આધાર પુરાવા સહિત નીચેના સરનામે લેખિતમાં જાણ કરવી. સમય મર્યાદા બાદ આવેલ કોઈપણ દાવો ધ્યાને લેવામાં આવશે નહીં અને મિલકત બોજા રહિત ગણી વેચાણ વ્યવહાર પૂર્ણ કરવામાં આવશે, જે બાબતે પાછળથી કોઈ તકરાર ચાલશે નહીં.

આથી જાહેર જનતાને જણાવવાનું કે ઉપરોક્ત મિલકત સંબંધે કોઈપણ વ્યવહાર કરતા પહેલા નીચેના સરનામે ખાતરી કરી લેવી.

તારીખ: ૧૩-૦૨-૨૦૨૬

જાહેર નોટિસ

મજકુર જમીન ૧૯૦૧ સમયોગ્યનીતિ મુજબ અમારા અશીલના વડવાઓના નામે ચાલી આવે છે. તેમાં સમાવેશ થયેલ તમામ હક્ક, હિત અને હિસ્સા અમારા અશીલને પ્રાપ્ત થયેલ છે. સદરહુ જમીન અંગે કોઈપણ વ્યક્તિ કે સંસ્થાને વાંધો કે દાવો હોય તો આ નોટિસ પ્રસિદ્ધ થયેથી દિન-૭ માં આધાર પુરાવા સહિત નીચેના સરનામે લેખિતમાં જાણ કરવી. ત્યારબાદ આવેલ કોઈપણ દાવો ધ્યાને લેવામાં આવશે નહીં.

નિલેશ વિનોદચંદ્ર ત્રિવેદી

પ્રોપરાઈટર/વકીલ

નિરવ વિનોદચંદ્ર ત્રિવેદી

ઐશ્વર્યા નિલેશભાઈ ત્રિવેદી

TRIVEDI'S LAW OFFICE & Associates

૬૬૨ થી ૬૬૪, બ્રોડવે બિઝનેસ સેન્ટર, નહેરૂનગર, અમદાવાદ.

ફોન: ૨૬૫૮ ૪૪૦૦

બ્રાન્ચ:- મુંબઈ, દિલ્હી
